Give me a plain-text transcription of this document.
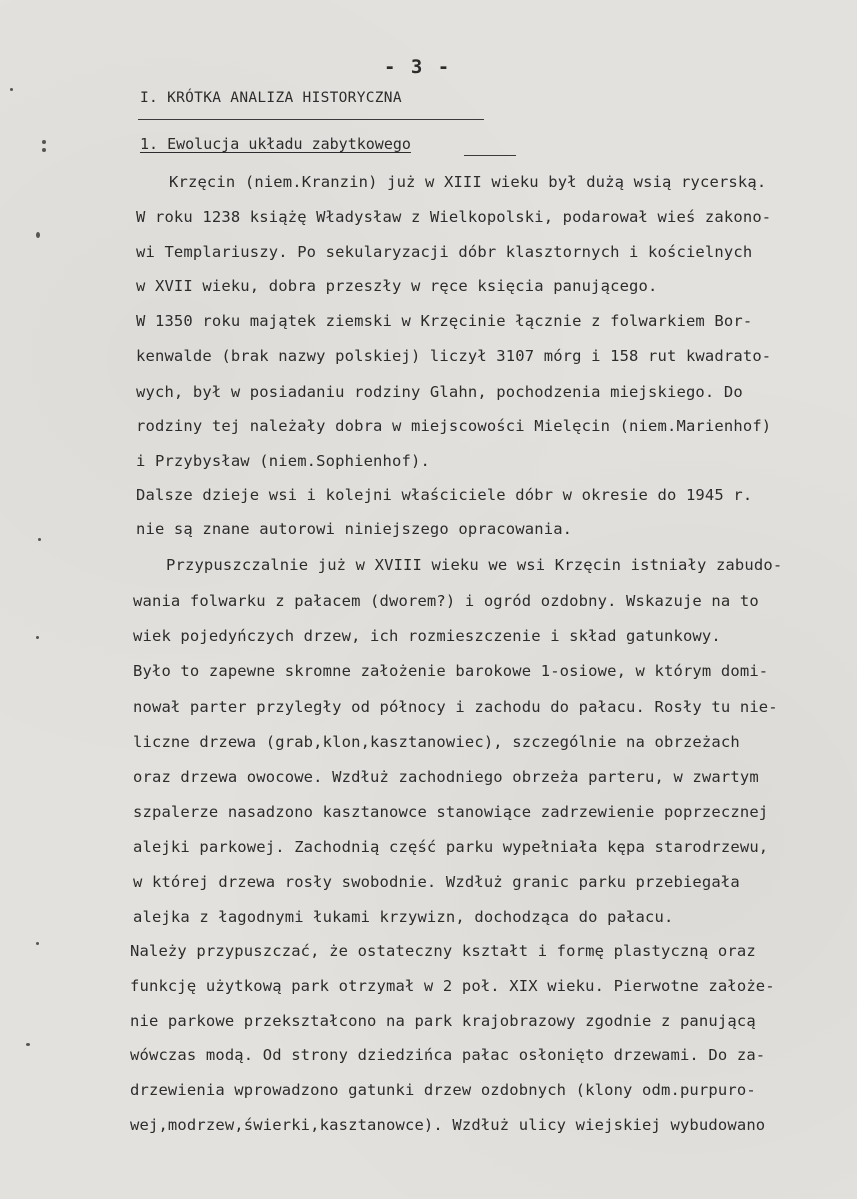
- 3 -
I. KRÓTKA ANALIZA HISTORYCZNA
1. Ewolucja układu zabytkowego
Krzęcin (niem.Kranzin) już w XIII wieku był dużą wsią rycerską.
W roku 1238 książę Władysław z Wielkopolski, podarował wieś zakono-
wi Templariuszy. Po sekularyzacji dóbr klasztornych i kościelnych
w XVII wieku, dobra przeszły w ręce księcia panującego.
W 1350 roku majątek ziemski w Krzęcinie łącznie z folwarkiem Bor-
kenwalde (brak nazwy polskiej) liczył 3107 mórg i 158 rut kwadrato-
wych, był w posiadaniu rodziny Glahn, pochodzenia miejskiego. Do
rodziny tej należały dobra w miejscowości Mielęcin (niem.Marienhof)
i Przybysław (niem.Sophienhof).
Dalsze dzieje wsi i kolejni właściciele dóbr w okresie do 1945 r.
nie są znane autorowi niniejszego opracowania.
Przypuszczalnie już w XVIII wieku we wsi Krzęcin istniały zabudo-
wania folwarku z pałacem (dworem?) i ogród ozdobny. Wskazuje na to
wiek pojedyńczych drzew, ich rozmieszczenie i skład gatunkowy.
Było to zapewne skromne założenie barokowe 1-osiowe, w którym domi-
nował parter przyległy od północy i zachodu do pałacu. Rosły tu nie-
liczne drzewa (grab,klon,kasztanowiec), szczególnie na obrzeżach
oraz drzewa owocowe. Wzdłuż zachodniego obrzeża parteru, w zwartym
szpalerze nasadzono kasztanowce stanowiące zadrzewienie poprzecznej
alejki parkowej. Zachodnią część parku wypełniała kępa starodrzewu,
w której drzewa rosły swobodnie. Wzdłuż granic parku przebiegała
alejka z łagodnymi łukami krzywizn, dochodząca do pałacu.
Należy przypuszczać, że ostateczny kształt i formę plastyczną oraz
funkcję użytkową park otrzymał w 2 poł. XIX wieku. Pierwotne założe-
nie parkowe przekształcono na park krajobrazowy zgodnie z panującą
wówczas modą. Od strony dziedzińca pałac osłonięto drzewami. Do za-
drzewienia wprowadzono gatunki drzew ozdobnych (klony odm.purpuro-
wej,modrzew,świerki,kasztanowce). Wzdłuż ulicy wiejskiej wybudowano
